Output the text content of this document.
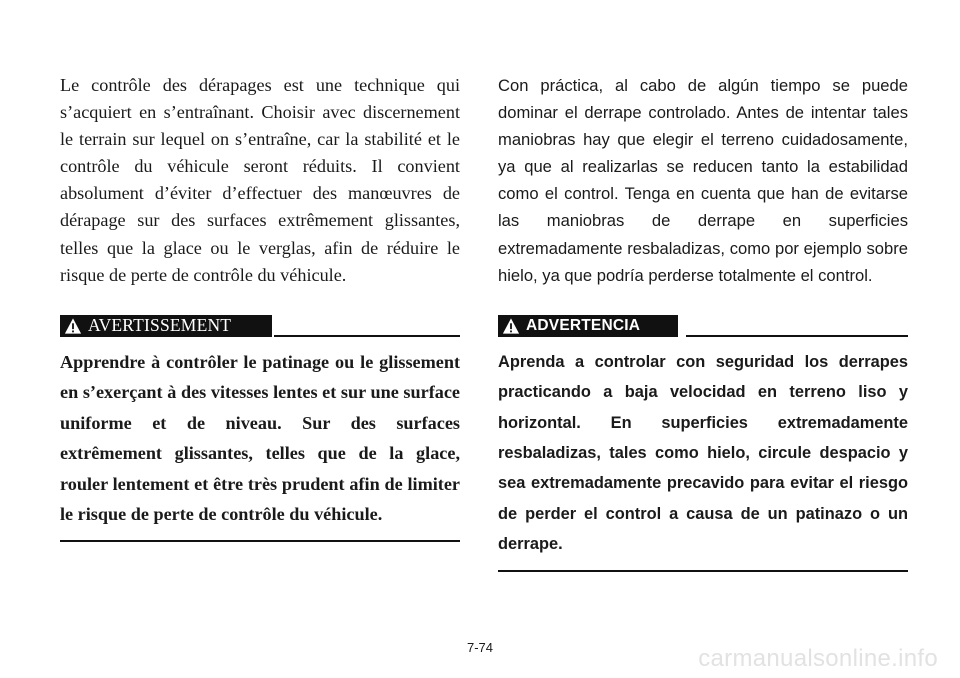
Le contrôle des dérapages est une technique qui s’acquiert en s’entraînant. Choisir avec discernement le terrain sur lequel on s’entraîne, car la stabilité et le contrôle du véhicule seront réduits. Il convient absolument d’éviter d’effectuer des manœuvres de dérapage sur des surfaces extrêmement glissantes, telles que la glace ou le verglas, afin de réduire le risque de perte de contrôle du véhicule.

AVERTISSEMENT

Apprendre à contrôler le patinage ou le glissement en s’exerçant à des vitesses lentes et sur une surface uniforme et de niveau. Sur des surfaces extrêmement glissantes, telles que de la glace, rouler lentement et être très prudent afin de limiter le risque de perte de contrôle du véhicule.

Con práctica, al cabo de algún tiempo se puede dominar el derrape controlado. Antes de intentar tales maniobras hay que elegir el terreno cuidadosamente, ya que al realizarlas se reducen tanto la estabilidad como el control. Tenga en cuenta que han de evitarse las maniobras de derrape en superficies extremadamente resbaladizas, como por ejemplo sobre hielo, ya que podría perderse totalmente el control.

ADVERTENCIA

Aprenda a controlar con seguridad los derrapes practicando a baja velocidad en terreno liso y horizontal. En superficies extremadamente resbaladizas, tales como hielo, circule despacio y sea extremadamente precavido para evitar el riesgo de perder el control a causa de un patinazo o un derrape.

7-74	carmanualsonline.info
